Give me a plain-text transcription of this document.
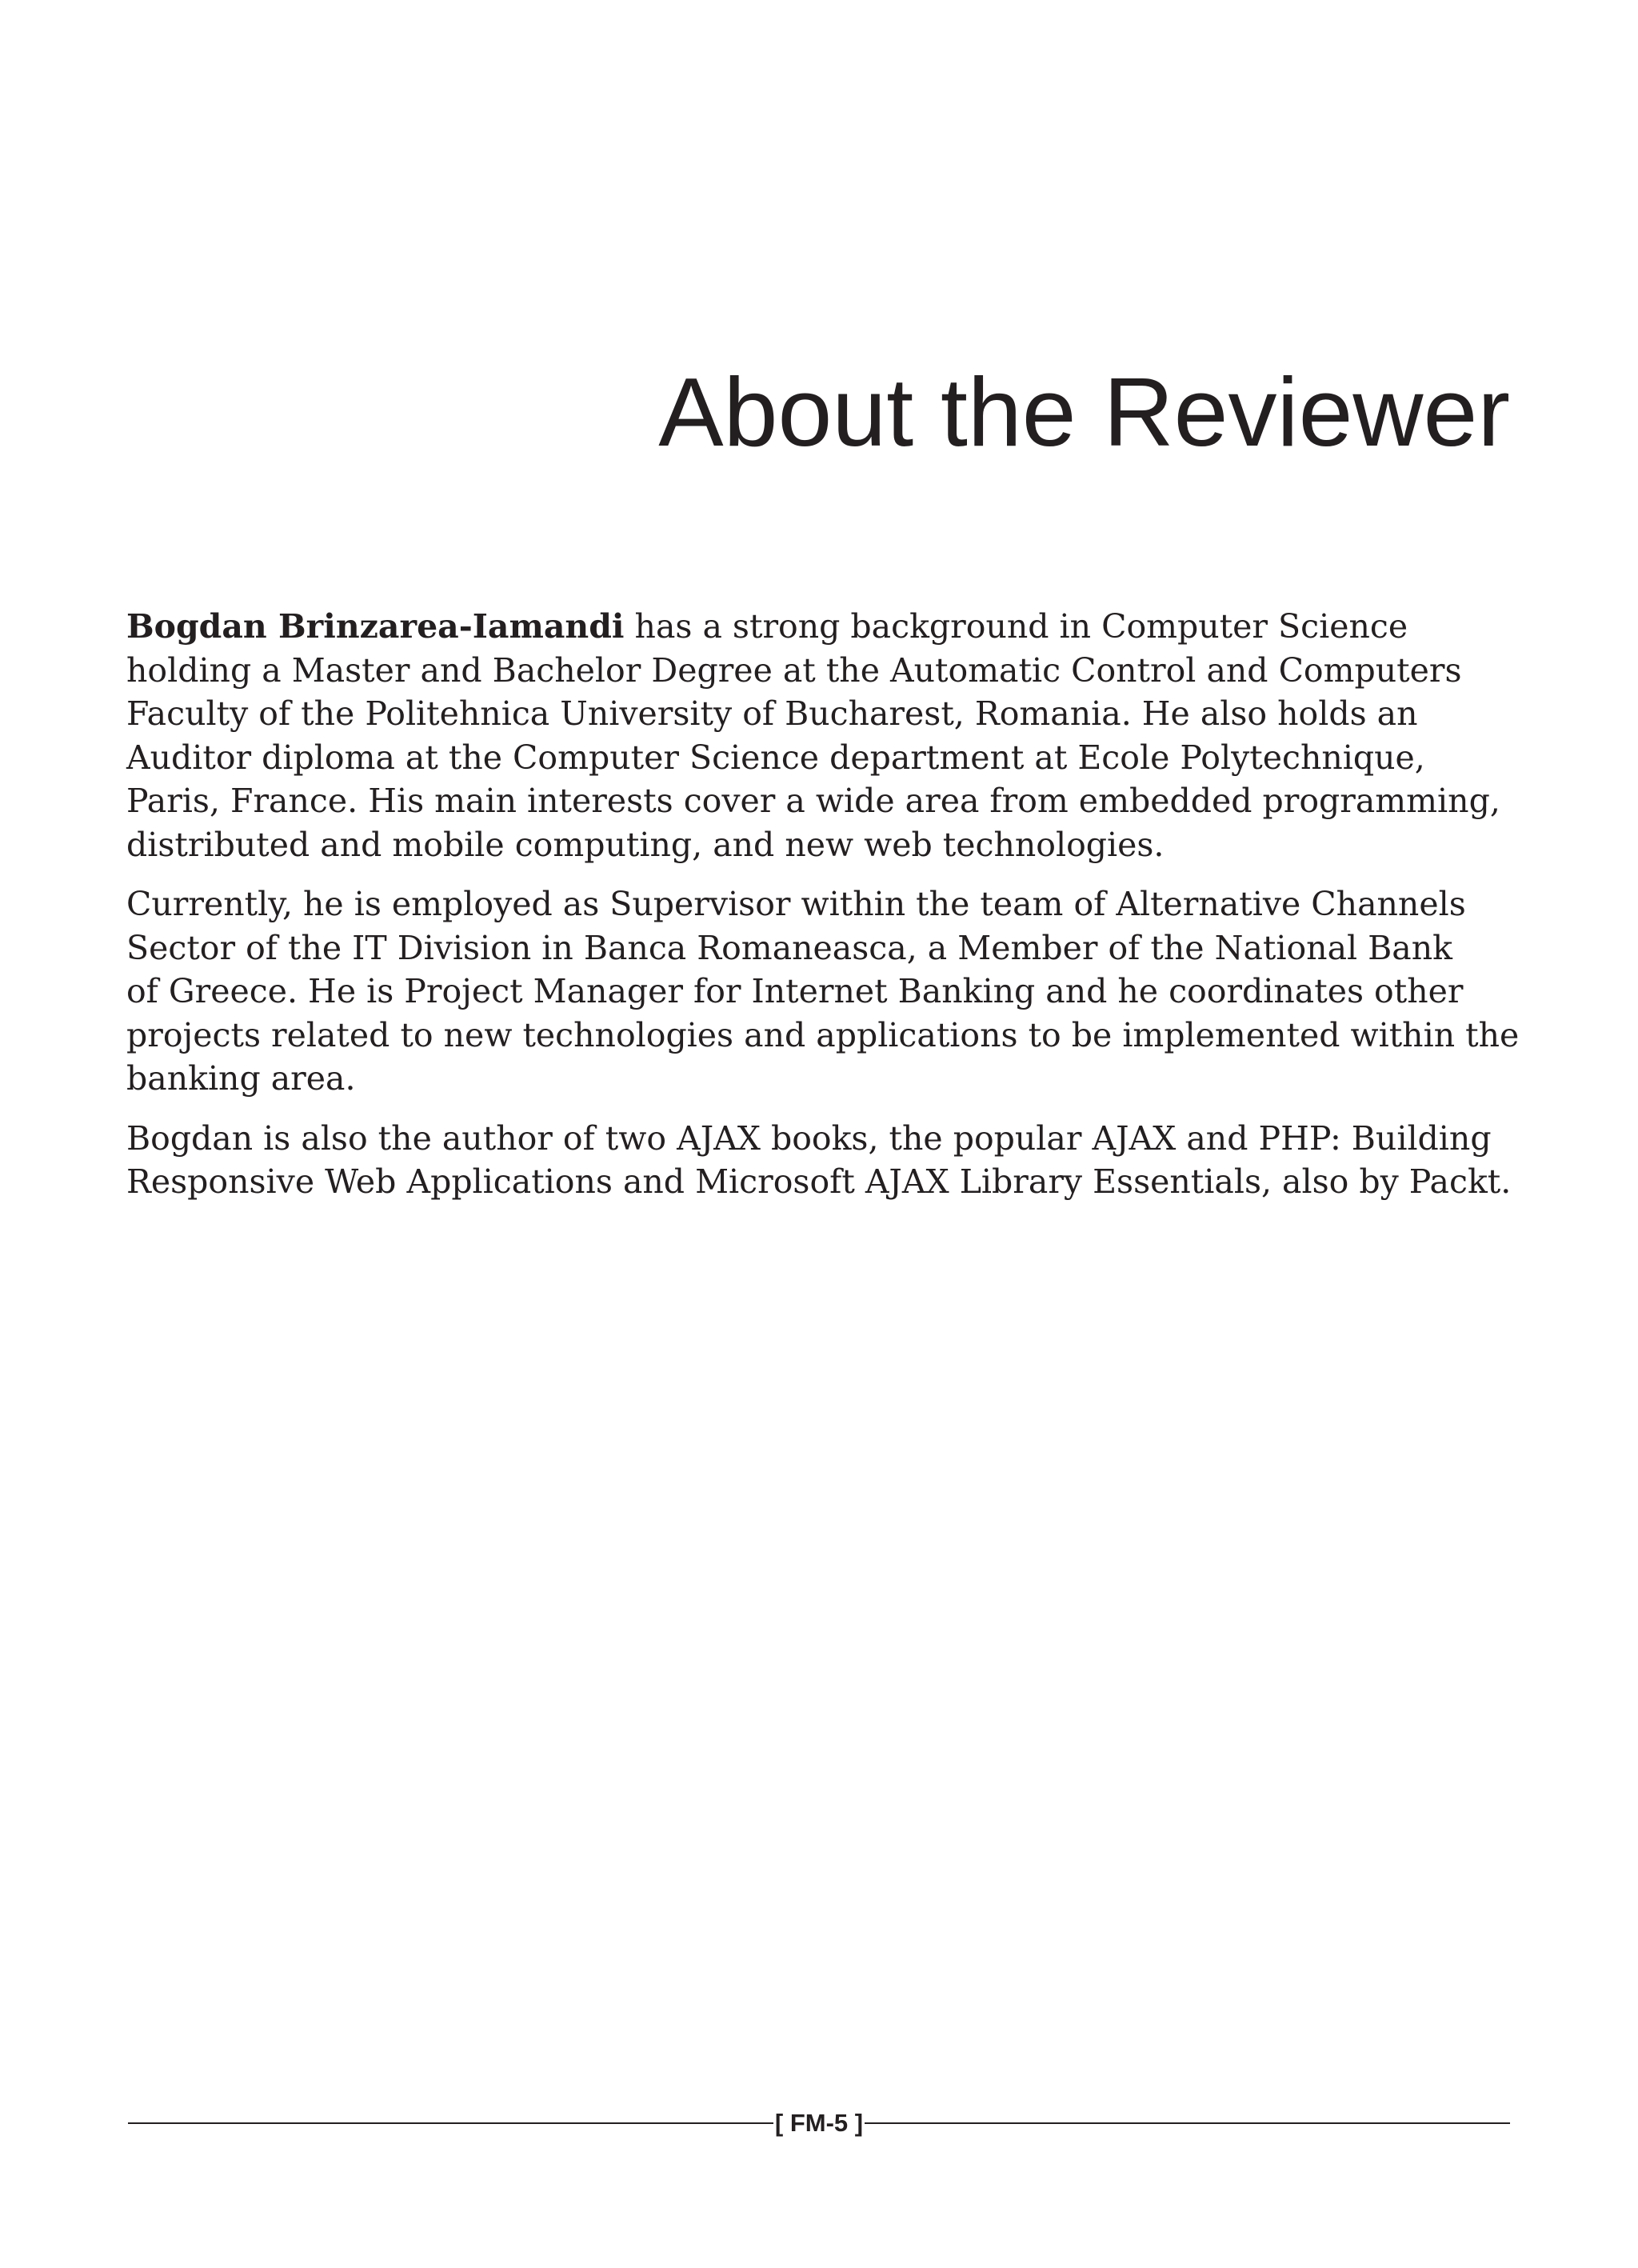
About the Reviewer

Bogdan Brinzarea-Iamandi has a strong background in Computer Science
holding a Master and Bachelor Degree at the Automatic Control and Computers
Faculty of the Politehnica University of Bucharest, Romania. He also holds an
Auditor diploma at the Computer Science department at Ecole Polytechnique,
Paris, France. His main interests cover a wide area from embedded programming,
distributed and mobile computing, and new web technologies.

Currently, he is employed as Supervisor within the team of Alternative Channels
Sector of the IT Division in Banca Romaneasca, a Member of the National Bank
of Greece. He is Project Manager for Internet Banking and he coordinates other
projects related to new technologies and applications to be implemented within the
banking area.

Bogdan is also the author of two AJAX books, the popular AJAX and PHP: Building
Responsive Web Applications and Microsoft AJAX Library Essentials, also by Packt.

[ FM-5 ]
